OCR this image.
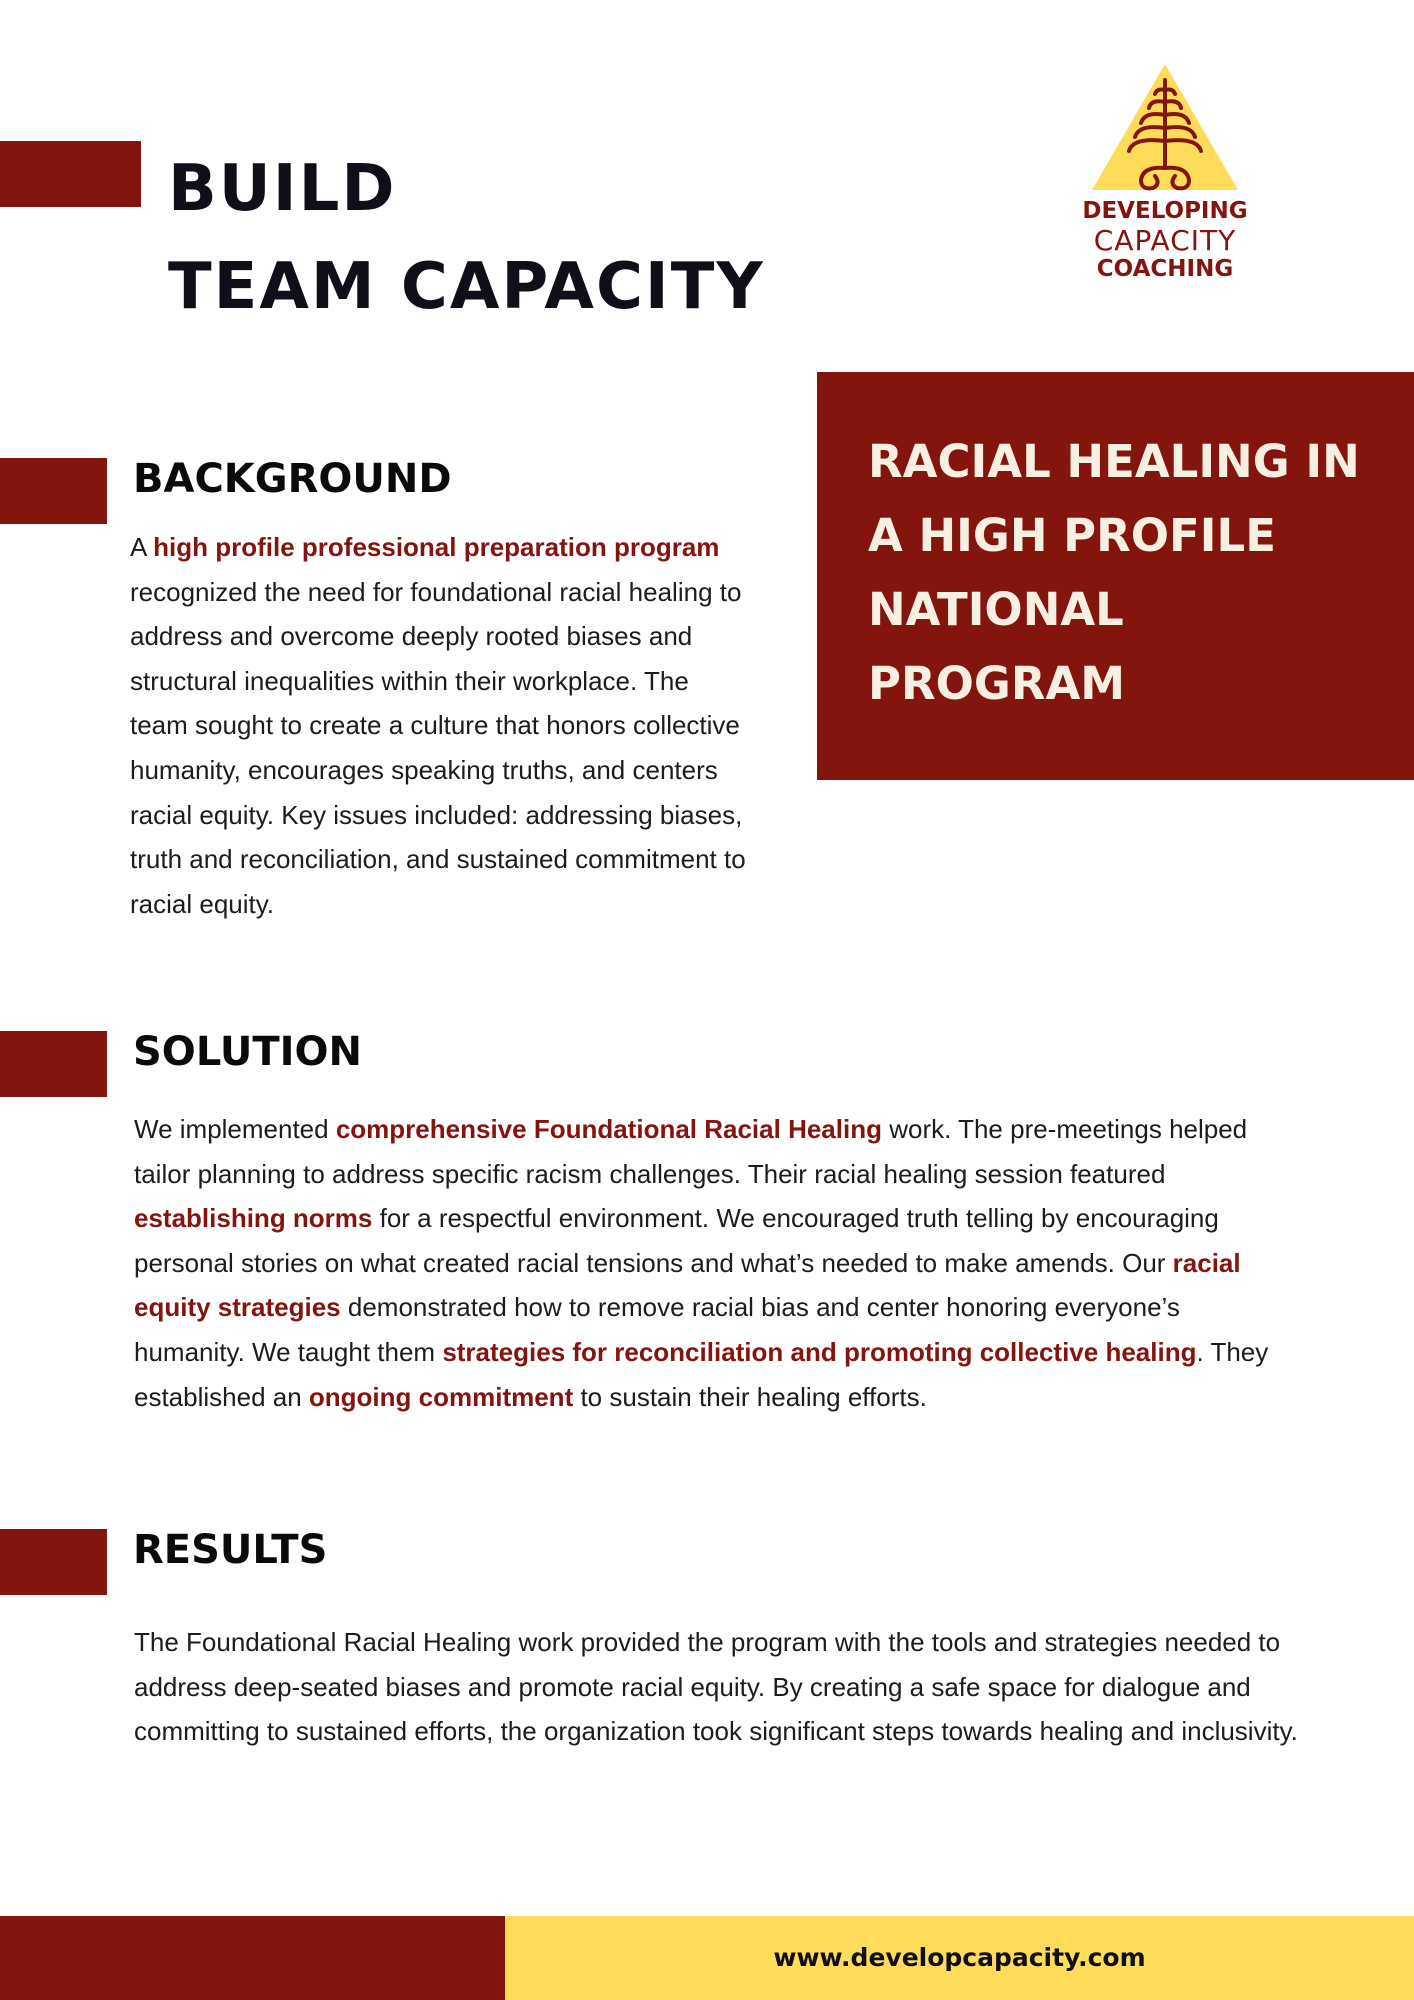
BUILD
TEAM CAPACITY
DEVELOPING
CAPACITY
COACHING
RACIAL HEALING IN
A HIGH PROFILE
NATIONAL
PROGRAM
BACKGROUND

A high profile professional preparation program recognized the need for foundational racial healing to address and overcome deeply rooted biases and structural inequalities within their workplace. The team sought to create a culture that honors collective humanity, encourages speaking truths, and centers racial equity. Key issues included: addressing biases, truth and reconciliation, and sustained commitment to racial equity.

SOLUTION

We implemented comprehensive Foundational Racial Healing work. The pre-meetings helped tailor planning to address specific racism challenges. Their racial healing session featured establishing norms for a respectful environment. We encouraged truth telling by encouraging personal stories on what created racial tensions and what’s needed to make amends. Our racial equity strategies demonstrated how to remove racial bias and center honoring everyone’s humanity. We taught them strategies for reconciliation and promoting collective healing. They established an ongoing commitment to sustain their healing efforts.

RESULTS

The Foundational Racial Healing work provided the program with the tools and strategies needed to address deep-seated biases and promote racial equity. By creating a safe space for dialogue and committing to sustained efforts, the organization took significant steps towards healing and inclusivity.

www.developcapacity.com
